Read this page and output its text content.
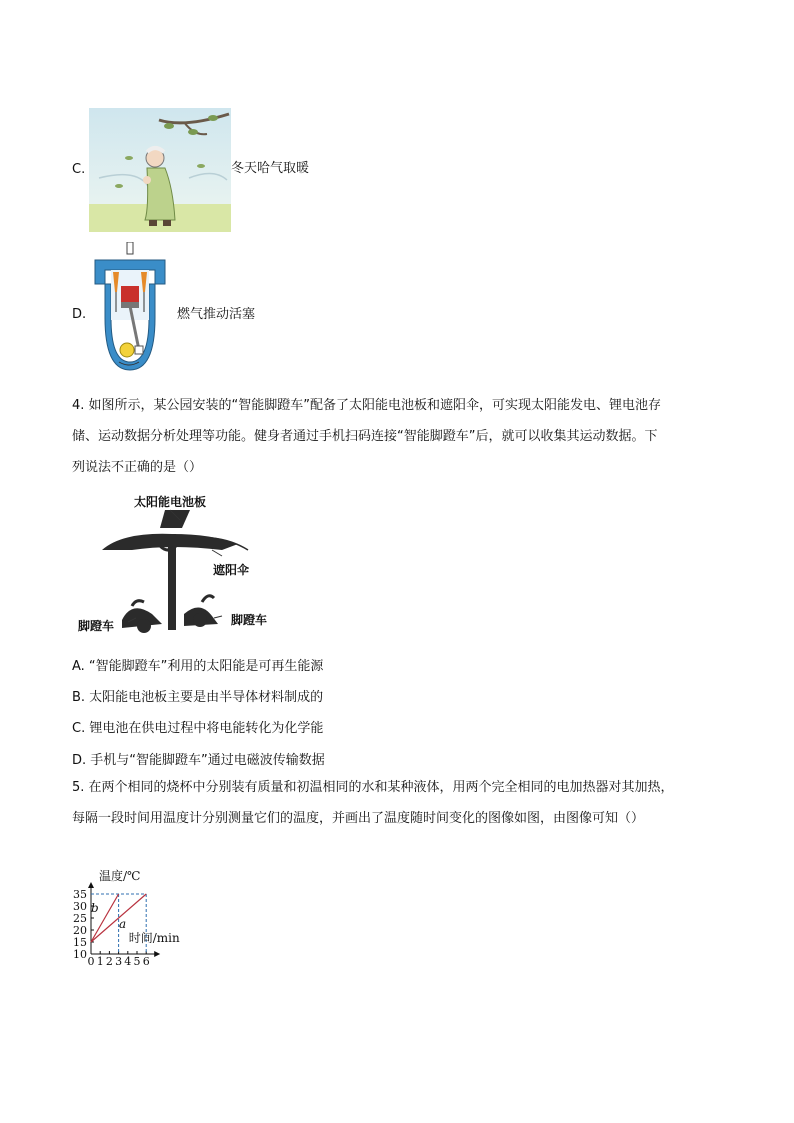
C.	冬天哈气取暖
D.	燃气推动活塞
4. 如图所示，某公园安装的“智能脚蹬车”配备了太阳能电池板和遮阳伞，可实现太阳能发电、锂电池存
储、运动数据分析处理等功能。健身者通过手机扫码连接“智能脚蹬车”后，就可以收集其运动数据。下
列说法不正确的是（）
太阳能电池板
遮阳伞
脚蹬车	脚蹬车
A. “智能脚蹬车”利用的太阳能是可再生能源
B. 太阳能电池板主要是由半导体材料制成的
C. 锂电池在供电过程中将电能转化为化学能
D. 手机与“智能脚蹬车”通过电磁波传输数据
5. 在两个相同的烧杯中分别装有质量和初温相同的水和某种液体，用两个完全相同的电加热器对其加热，
每隔一段时间用温度计分别测量它们的温度，并画出了温度随时间变化的图像如图，由图像可知（）
0 1 2 3 4 5 6
10
15
20
25
30
35
b
a
温度/℃
时间/min
